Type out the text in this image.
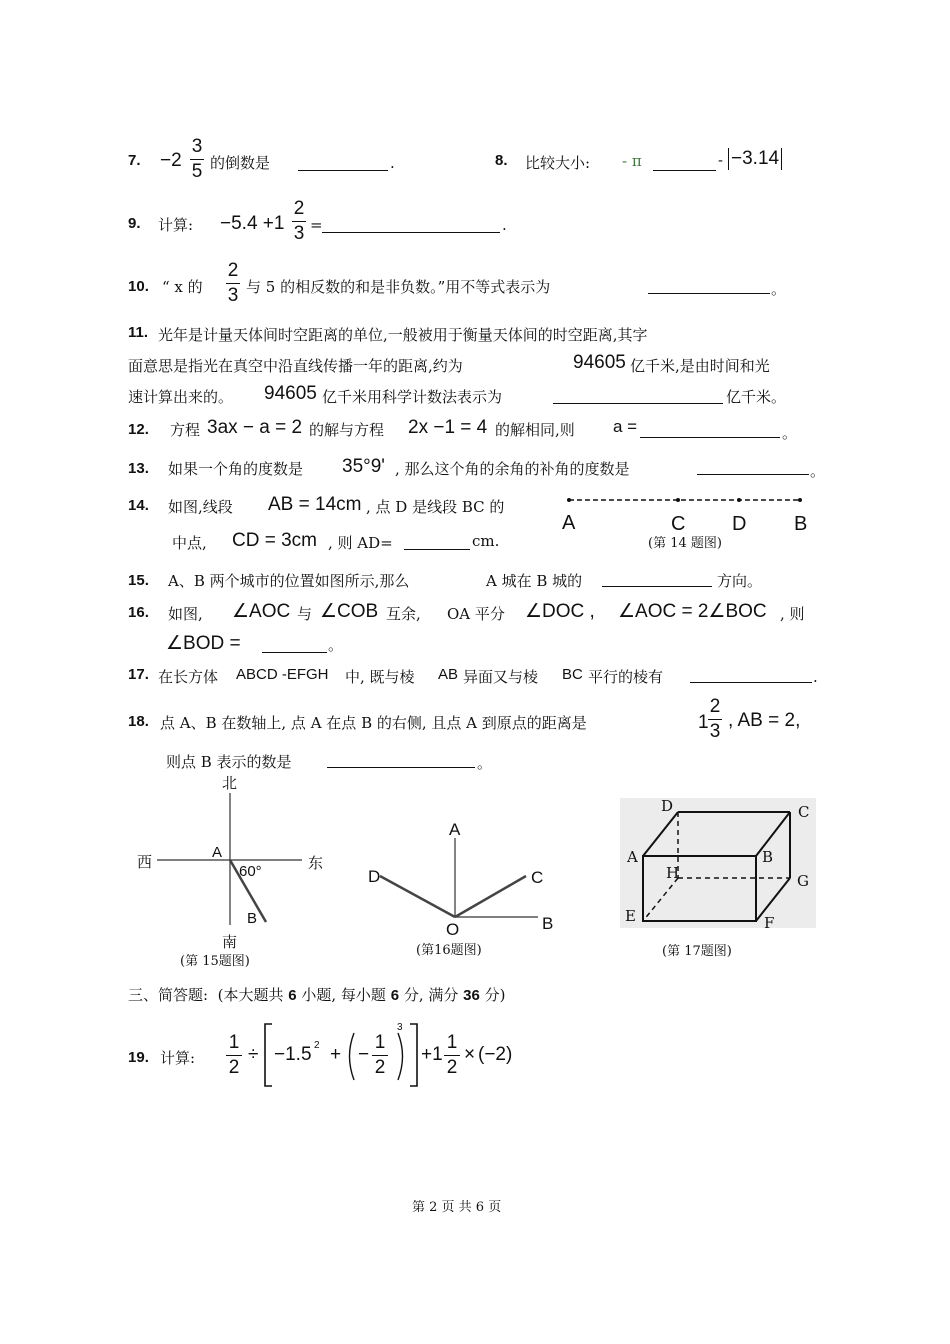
7. −2
3
5 的倒数是	.	8. 比较大小: - π	- −3.14
9. 计算: −5.4 +1
2
3 =	.
10. “ x 的
2
3 与 5 的相反数的和是非负数。”用不等式表示为	。
11. 光年是计量天体间时空距离的单位,一般被用于衡量天体间的时空距离,其字
面意思是指光在真空中沿直线传播一年的距离,约为	94605 亿千米,是由时间和光
速计算出来的。 94605 亿千米用科学计数法表示为	亿千米。
12. 方程 3ax − a = 2 的解与方程 2x −1 = 4 的解相同,则 a =	。
13. 如果一个角的度数是 35°9' , 那么这个角的余角的补角的度数是	。
14. 如图,线段 AB = 14cm , 点 D 是线段 BC 的
中点, CD = 3cm , 则 AD=	cm.
A	C D B
(第 14 题图)
15. A、B 两个城市的位置如图所示,那么	A 城在 B 城的	方向。
16. 如图, ∠AOC 与 ∠COB 互余, OA 平分 ∠DOC , ∠AOC = 2∠BOC , 则
∠BOD =	。
17. 在长方体 ABCD -EFGH 中, 既与棱 AB 异面又与棱 BC 平行的棱有	.
18. 点 A、B 在数轴上, 点 A 在点 B 的右侧, 且点 A 到原点的距离是	1
2
3
, AB = 2,
则点 B 表示的数是	。
北
南
西	东
A
B
60°
(第 15题图)
A
B
C
D
O
(第16题图)
D	C
A	B
H	G
E	F
(第 17题图)
三、简答题: (本大题共 6 小题, 每小题 6 分, 满分 36 分)
19. 计算:
1
2
÷ −1.5 2 + −
1
2
3
+1
1
2
× (−2)
第 2 页 共 6 页
